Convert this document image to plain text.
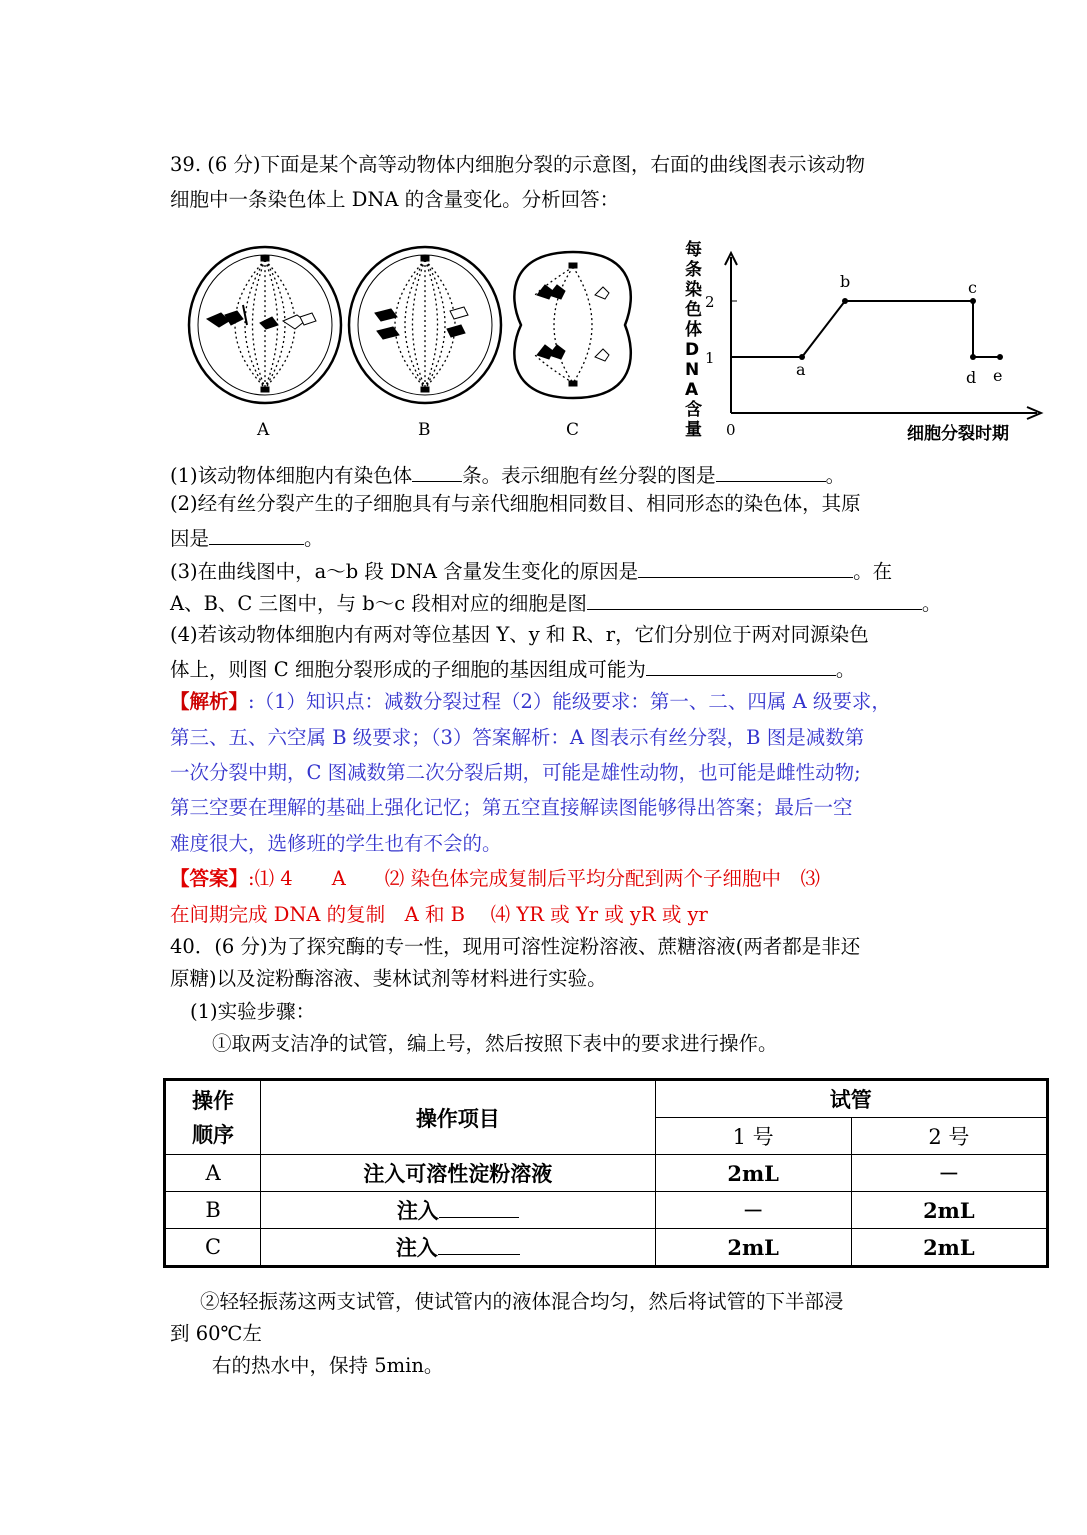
39. (6 分)下面是某个高等动物体内细胞分裂的示意图，右面的曲线图表示该动物
细胞中一条染色体上 DNA 的含量变化。分析回答：
A	B	C
每条染色体 D N A 含量 0
1
2
a
b	c
d e
细胞分裂时期
(1)该动物体细胞内有染色体	条。表示细胞有丝分裂的图是	。
(2)经有丝分裂产生的子细胞具有与亲代细胞相同数目、相同形态的染色体，其原
因是	。
(3)在曲线图中，a～b 段 DNA 含量发生变化的原因是	。在
A、B、C 三图中，与 b～c 段相对应的细胞是图	。
(4)若该动物体细胞内有两对等位基因 Y、y 和 R、r，它们分别位于两对同源染色
体上，则图 C 细胞分裂形成的子细胞的基因组成可能为	。
【解析】:（1）知识点：减数分裂过程（2）能级要求：第一、二、四属 A 级要求，
第三、五、六空属 B 级要求；（3）答案解析：A 图表示有丝分裂，B 图是减数第
一次分裂中期，C 图减数第二次分裂后期，可能是雄性动物，也可能是雌性动物;
第三空要在理解的基础上强化记忆；第五空直接解读图能够得出答案；最后一空
难度很大，选修班的学生也有不会的。
【答案】:⑴ 4　　A　　⑵ 染色体完成复制后平均分配到两个子细胞中　⑶
在间期完成 DNA 的复制　A 和 B　 ⑷ YR 或 Yr 或 yR 或 yr
40．(6 分)为了探究酶的专一性，现用可溶性淀粉溶液、蔗糖溶液(两者都是非还
原糖)以及淀粉酶溶液、斐林试剂等材料进行实验。
(1)实验步骤：
①取两支洁净的试管，编上号，然后按照下表中的要求进行操作。
操作
顺序	操作项目	试管	
		1 号	2 号
A	注入可溶性淀粉溶液	2mL	－
B	注入	－	2mL
C	注入	2mL	2mL
②轻轻振荡这两支试管，使试管内的液体混合均匀，然后将试管的下半部浸
到 60℃左
右的热水中，保持 5min。
